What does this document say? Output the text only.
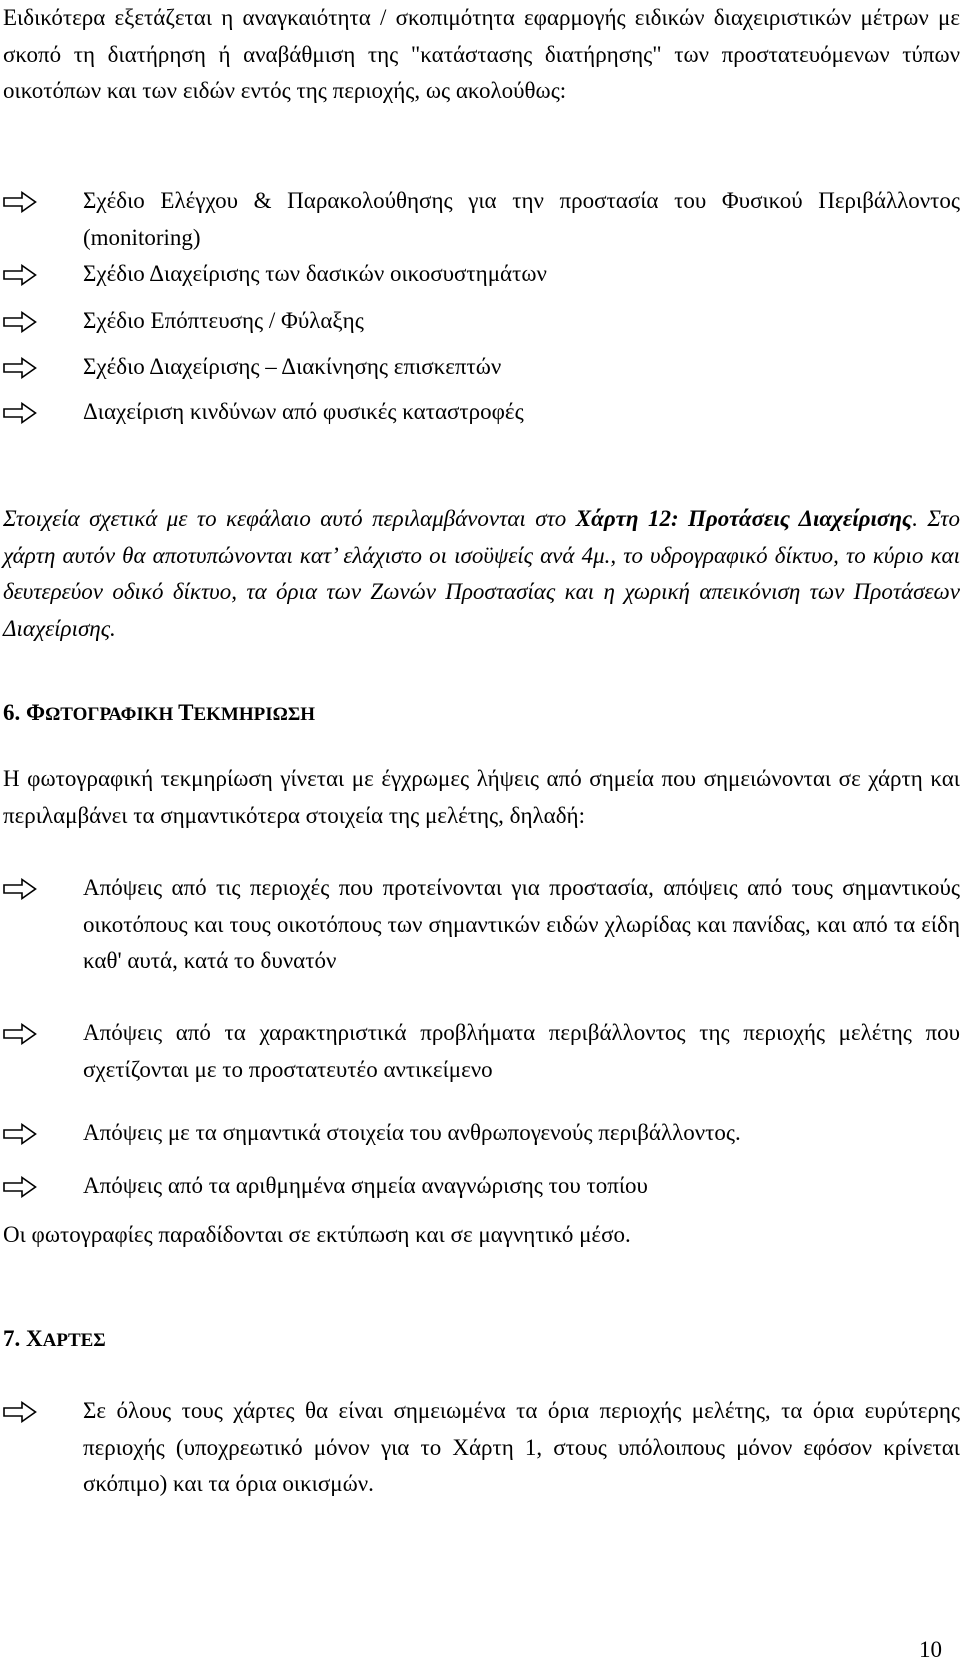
Ειδικότερα εξετάζεται η αναγκαιότητα / σκοπιμότητα εφαρμογής ειδικών διαχειριστικών μέτρων με σκοπό τη διατήρηση ή αναβάθμιση της "κατάστασης διατήρησης" των προστατευόμενων τύπων οικοτόπων και των ειδών εντός της περιοχής, ως ακολούθως:
Σχέδιο Ελέγχου & Παρακολούθησης για την προστασία του Φυσικού Περιβάλλοντος (monitoring)
Σχέδιο Διαχείρισης των δασικών οικοσυστημάτων
Σχέδιο Επόπτευσης / Φύλαξης
Σχέδιο Διαχείρισης – Διακίνησης επισκεπτών
Διαχείριση κινδύνων από φυσικές καταστροφές
Στοιχεία σχετικά με το κεφάλαιο αυτό περιλαμβάνονται στο Χάρτη 12: Προτάσεις Διαχείρισης. Στο χάρτη αυτόν θα αποτυπώνονται κατ’ ελάχιστο οι ισοϋψείς ανά 4μ., το υδρογραφικό δίκτυο, το κύριο και δευτερεύον οδικό δίκτυο, τα όρια των Ζωνών Προστασίας και η χωρική απεικόνιση των Προτάσεων Διαχείρισης.
6. ΦΩΤΟΓΡΑΦΙΚΗ ΤΕΚΜΗΡΙΩΣΗ
Η φωτογραφική τεκμηρίωση γίνεται με έγχρωμες λήψεις από σημεία που σημειώνονται σε χάρτη και περιλαμβάνει τα σημαντικότερα στοιχεία της μελέτης, δηλαδή:
Απόψεις από τις περιοχές που προτείνονται για προστασία, απόψεις από τους σημαντικούς οικοτόπους και τους οικοτόπους των σημαντικών ειδών χλωρίδας και πανίδας, και από τα είδη καθ' αυτά, κατά το δυνατόν
Απόψεις από τα χαρακτηριστικά προβλήματα περιβάλλοντος της περιοχής μελέτης που σχετίζονται με το προστατευτέο αντικείμενο
Απόψεις με τα σημαντικά στοιχεία του ανθρωπογενούς περιβάλλοντος.
Απόψεις από τα αριθμημένα σημεία αναγνώρισης του τοπίου
Οι φωτογραφίες παραδίδονται σε εκτύπωση και σε μαγνητικό μέσο.
7. ΧΑΡΤΕΣ
Σε όλους τους χάρτες θα είναι σημειωμένα τα όρια περιοχής μελέτης, τα όρια ευρύτερης περιοχής (υποχρεωτικό μόνον για το Χάρτη 1, στους υπόλοιπους μόνον εφόσον κρίνεται σκόπιμο) και τα όρια οικισμών.
10
